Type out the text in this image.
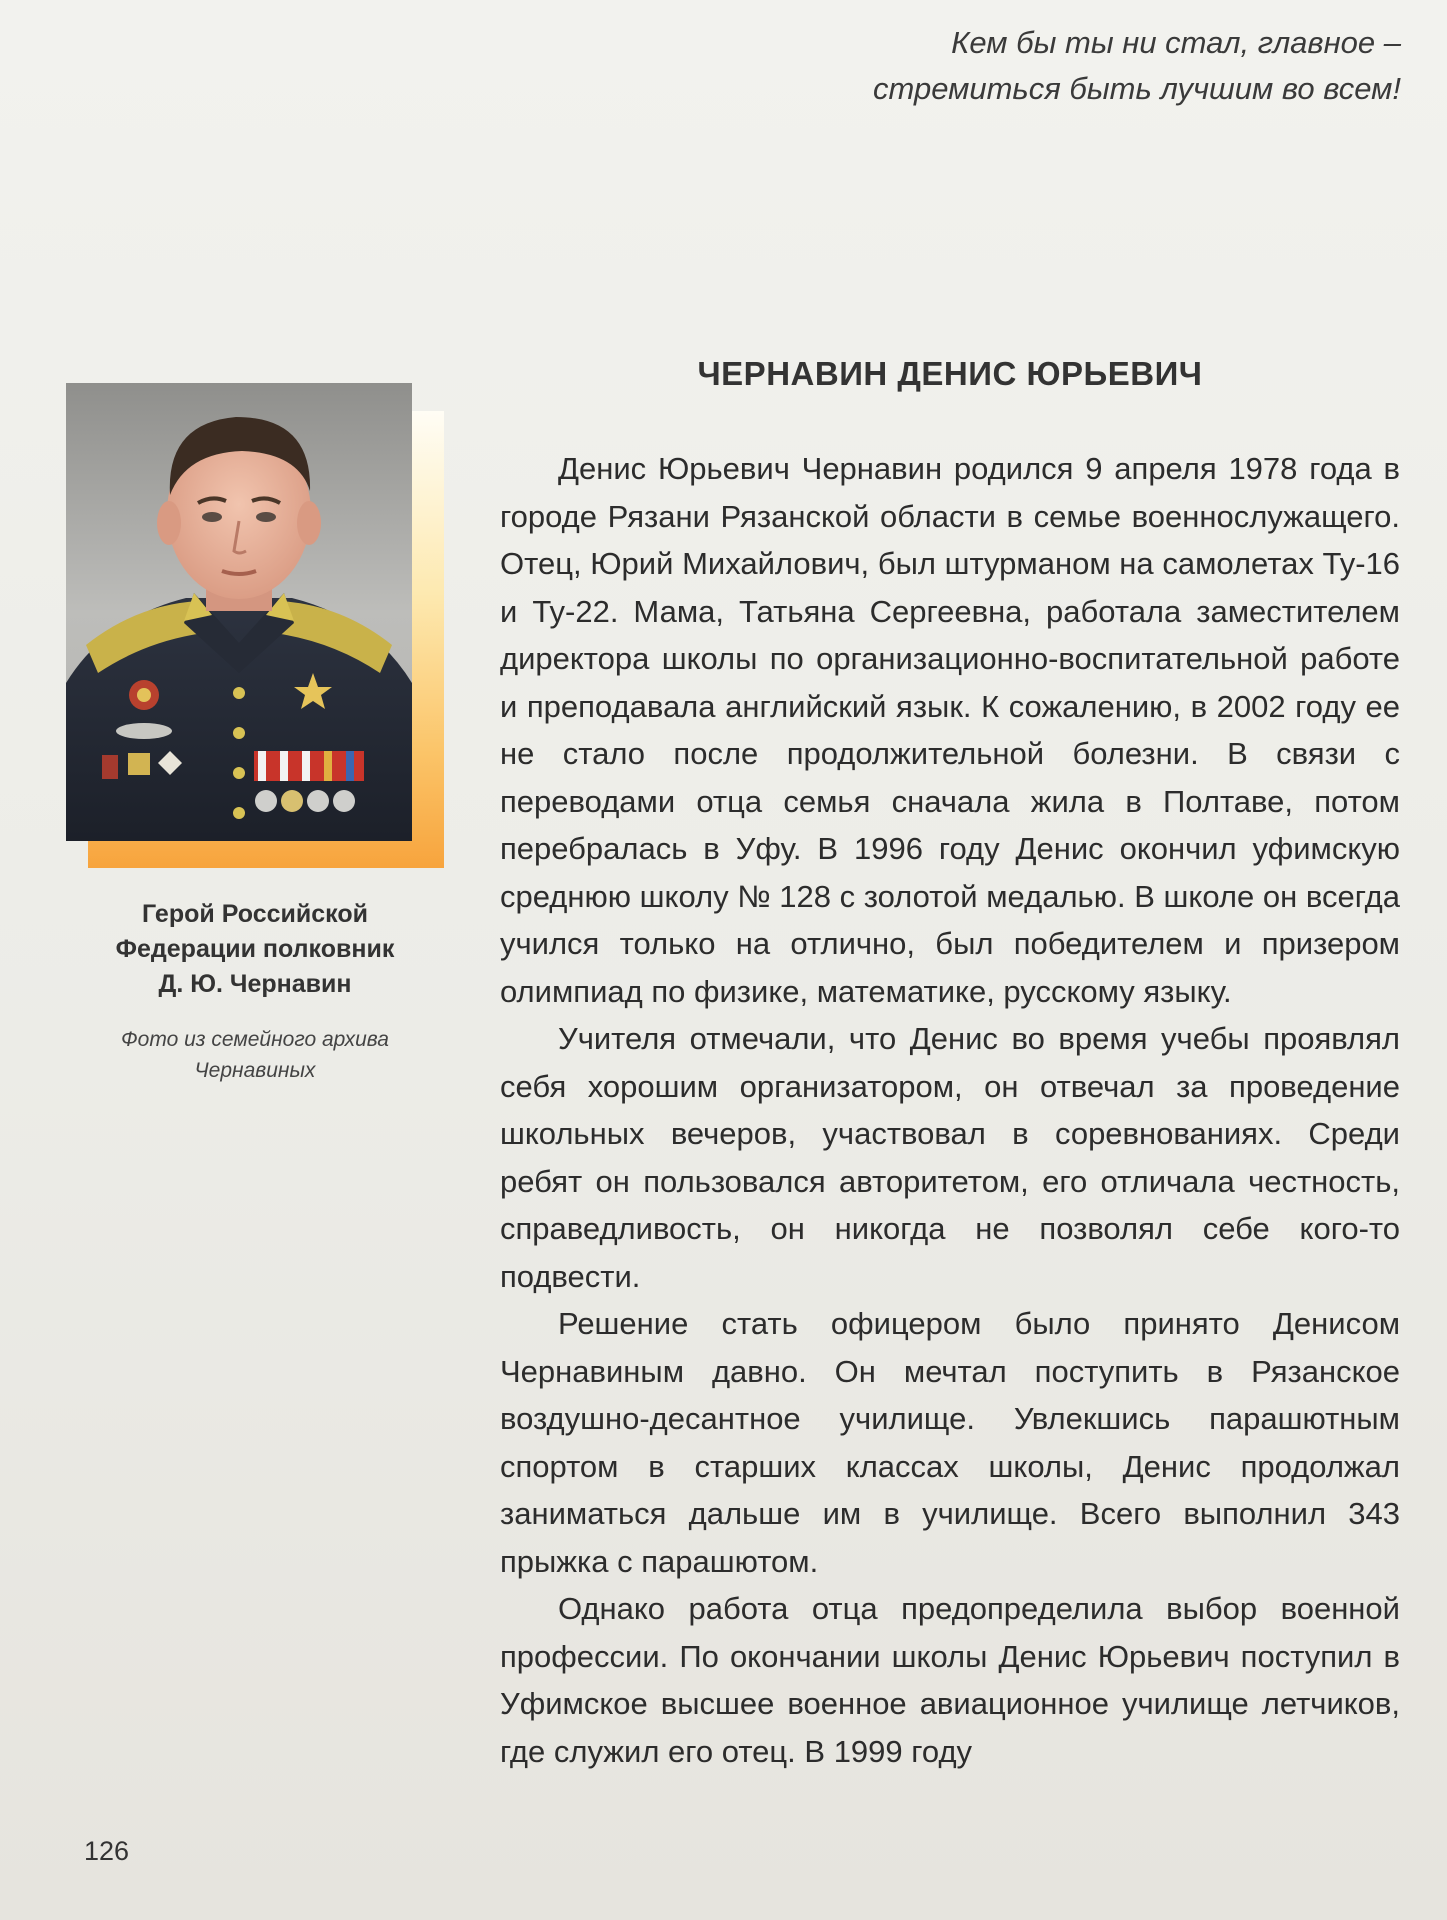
Кем бы ты ни стал, главное –
стремиться быть лучшим во всем!
Герой Российской
Федерации полковник
Д. Ю. Чернавин
Фото из семейного архива
Чернавиных
ЧЕРНАВИН ДЕНИС ЮРЬЕВИЧ

Денис Юрьевич Чернавин родился 9 апреля 1978 года в городе Рязани Рязанской области в семье военнослужащего. Отец, Юрий Михайлович, был штурманом на самолетах Ту-16 и Ту-22. Мама, Татьяна Сергеевна, работала заместителем директора школы по организационно-воспитательной работе и преподавала английский язык. К сожалению, в 2002 году ее не стало после продолжительной болезни. В связи с переводами отца семья сначала жила в Полтаве, потом перебралась в Уфу. В 1996 году Денис окончил уфимскую среднюю школу № 128 с золотой медалью. В школе он всегда учился только на отлично, был победителем и призером олимпиад по физике, математике, русскому языку.

Учителя отмечали, что Денис во время учебы проявлял себя хорошим организатором, он отвечал за проведение школьных вечеров, участвовал в соревнованиях. Среди ребят он пользовался авторитетом, его отличала честность, справедливость, он никогда не позволял себе кого-то подвести.

Решение стать офицером было принято Денисом Чернавиным давно. Он мечтал поступить в Рязанское воздушно-десантное училище. Увлекшись парашютным спортом в старших классах школы, Денис продолжал заниматься дальше им в училище. Всего выполнил 343 прыжка с парашютом.

Однако работа отца предопределила выбор военной профессии. По окончании школы Денис Юрьевич поступил в Уфимское высшее военное авиационное училище летчиков, где служил его отец. В 1999 году

126
